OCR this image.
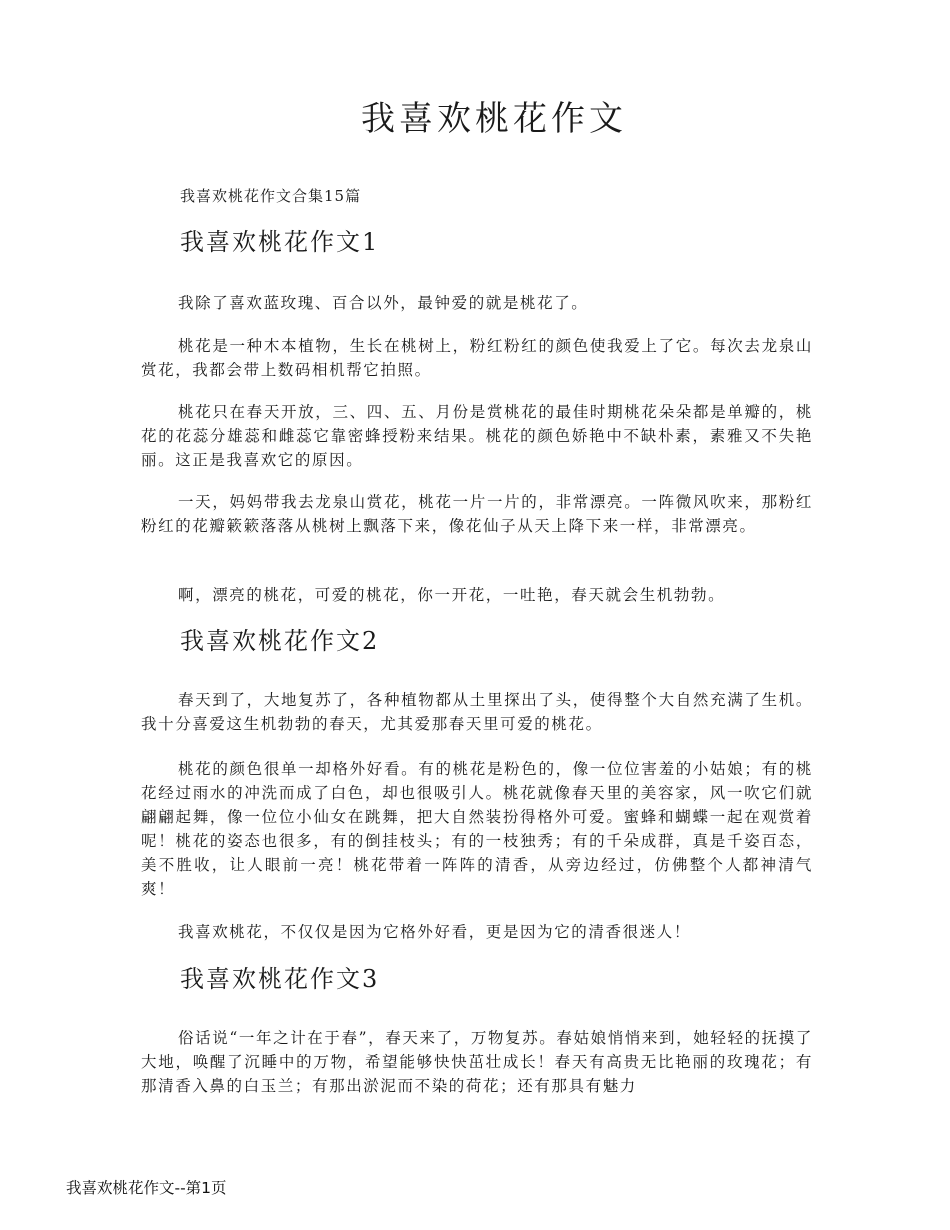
我喜欢桃花作文

我喜欢桃花作文合集15篇

我喜欢桃花作文1

我除了喜欢蓝玫瑰、百合以外，最钟爱的就是桃花了。

桃花是一种木本植物，生长在桃树上，粉红粉红的颜色使我爱上了它。每次去龙泉山赏花，我都会带上数码相机帮它拍照。

桃花只在春天开放，三、四、五、月份是赏桃花的最佳时期桃花朵朵都是单瓣的，桃花的花蕊分雄蕊和雌蕊它靠密蜂授粉来结果。桃花的颜色娇艳中不缺朴素，素雅又不失艳丽。这正是我喜欢它的原因。

一天，妈妈带我去龙泉山赏花，桃花一片一片的，非常漂亮。一阵微风吹来，那粉红粉红的花瓣簌簌落落从桃树上飘落下来，像花仙子从天上降下来一样，非常漂亮。

啊，漂亮的桃花，可爱的桃花，你一开花，一吐艳，春天就会生机勃勃。

我喜欢桃花作文2

春天到了，大地复苏了，各种植物都从土里探出了头，使得整个大自然充满了生机。我十分喜爱这生机勃勃的春天，尤其爱那春天里可爱的桃花。

桃花的颜色很单一却格外好看。有的桃花是粉色的，像一位位害羞的小姑娘；有的桃花经过雨水的冲洗而成了白色，却也很吸引人。桃花就像春天里的美容家，风一吹它们就翩翩起舞，像一位位小仙女在跳舞，把大自然装扮得格外可爱。蜜蜂和蝴蝶一起在观赏着呢！桃花的姿态也很多，有的倒挂枝头；有的一枝独秀；有的千朵成群，真是千姿百态，美不胜收，让人眼前一亮！桃花带着一阵阵的清香，从旁边经过，仿佛整个人都神清气爽！

我喜欢桃花，不仅仅是因为它格外好看，更是因为它的清香很迷人！

我喜欢桃花作文3

俗话说“一年之计在于春”，春天来了，万物复苏。春姑娘悄悄来到，她轻轻的抚摸了大地，唤醒了沉睡中的万物，希望能够快快茁壮成长！春天有高贵无比艳丽的玫瑰花；有那清香入鼻的白玉兰；有那出淤泥而不染的荷花；还有那具有魅力

我喜欢桃花作文--第1页
